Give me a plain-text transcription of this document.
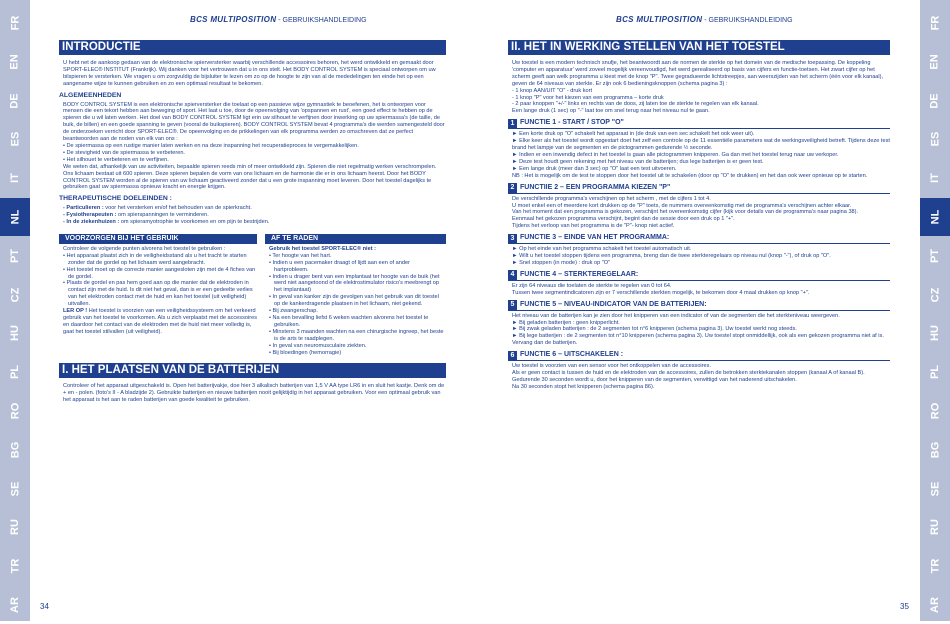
FR
EN
DE
ES
IT
NL
PT
CZ
HU
PL
RO
BG
SE
RU
TR
AR
FR
EN
DE
ES
IT
NL
PT
CZ
HU
PL
RO
BG
SE
RU
TR
AR
BCS MULTIPOSITION - GEBRUIKSHANDLEIDING	BCS MULTIPOSITION - GEBRUIKSHANDLEIDING
INTRODUCTIE
U hebt net de aankoop gedaan van de elektronische spierversterker waarbij verschillende accessoires behoren, het werd ontwikkeld en gemaakt door SPORT-ELEC® INSTITUT (Frankrijk). Wij danken voor het vertrouwen dat u in ons stelt. Het BODY CONTROL SYSTEM is speciaal ontworpen om uw bilspieren te versterken. We vragen u om zorgvuldig de bijsluiter te lezen om zo op de hoogte te zijn van al de mededelingen ten einde het op een aangename wijze te kunnen gebruiken en zo een optimaal resultaat te bekomen.
ALGEMEENHEDEN
BODY CONTROL SYSTEM is een elektronische spierversterker die toelaat op een passieve wijze gymnastiek te beoefenen, het is ontworpen voor mensen die een tekort hebben aan beweging of sport. Het laat u toe, door de opeenvolging van 'opspannen en rust', een goed effect te hebben op de spieren die u wil laten werken. Het doel van BODY CONTROL SYSTEM ligt erin uw silhouet te verfijnen door inwerking op uw spiermassa's (de taille, de buik, de billen) en een goede spanning te geven (vooral de buikspieren). BODY CONTROL SYSTEM bevat 4 programma's die werden samengesteld door de onderzoeken verricht door SPORT-ELEC®. De opeenvolging en de prikkelingen van elk programma werden zo omschreven dat ze perfect beantwoorden aan de noden van elk van ons :
• De spiermassa op een rustige manier laten werken en na deze inspanning het recuperatieproces te vergemakkelijken.
• De stevigheid van de spiermassa te verbeteren.
• Het silhouet te verbeteren en te verfijnen.
We weten dat, afhankelijk van uw activiteiten, bepaalde spieren reeds min of meer ontwikkeld zijn. Spieren die niet regelmatig werken verschrompelen. Ons lichaam bestaat uit 600 spieren. Deze spieren bepalen de vorm van ons lichaam en de harmonie die er in ons lichaam heerst. Door het BODY CONTROL SYSTEM worden al de spieren van uw lichaam geactiveerd zonder dat u een grote inspanning moet leveren. Door het toestel dagelijks te gebruiken gaat uw spiermassa opnieuw kracht en energie krijgen.
THERAPEUTISCHE DOELEINDEN :
- Particulieren : voor het versterken en/of het behouden van de spierkracht.
- Fysiotherapeuten : om spierspanningen te verminderen.
- In de ziekenhuizen : om spieramyotrophie te voorkomen en om pijn te bestrijden.
VOORZORGEN BIJ HET GEBRUIK
Controleer de volgende punten alvorens het toestel te gebruiken :
• Het apparaat plaatst zich in de veiligheidsstand als u het tracht te starten zonder dat de gordel op het lichaam werd aangebracht.
• Het toestel moet op de correcte manier aangesloten zijn met de 4 fiches van de gordel.
• Plaats de gordel en pas hem goed aan op die manier dat de elektroden in contact zijn met de huid. Is dit niet het geval, dan is er een gedeelte verlies van het elektroden contact met de huid en kan het toestel (uit veiligheid) uitvallen.
LER OP ! Het toestel is voorzien van een veiligheidssysteem om het verkeerd gebruik van het toestel te voorkomen. Als u zich verplaatst met de accessoires en daardoor het contact van de elektroden met de huid niet meer volledig is, gaat het toestel stilvallen (uit veiligheid).
AF TE RADEN
Gebruik het toestel SPORT-ELEC® niet :
• Ter hoogte van het hart.
• Indien u een pacemaker draagt of lijdt aan een of ander hartprobleem.
• Indien u drager bent van een implantaat ter hoogte van de buik (het werd niet aangetoond of de elektrostimulator risico's meebrengt op het implantaat)
• In geval van kanker zijn de gevolgen van het gebruik van dit toestel op de kankerdragende plaatsen in het lichaam, niet gekend.
• Bij zwangerschap.
• Na een bevalling liefst 6 weken wachten alvorens het toestel te gebruiken.
• Minstens 3 maanden wachten na een chirurgische ingreep, het beste is de arts te raadplegen.
• In geval van neuromusculaire ziekten.
• Bij bloedingen (hemorragie)
I. HET PLAATSEN VAN DE BATTERIJEN
Controleer of het apparaat uitgeschakeld is. Open het batterijvakje, doe hier 3 alkalisch batterijen van 1,5 V AA type LR6 in en sluit het kastje. Denk om de + en - polen. (foto's II - A bladzijde 2). Gebruikte batterijen en nieuwe batterijen nooit gelijktijdig in het apparaat gebruiken. Voor een optimaal gebruik van het apparaat is het aan te raden batterijen van goede kwaliteit te gebruiken.
34
II. HET IN WERKING STELLEN VAN HET TOESTEL
Uw toestel is een modern technisch snufje, het beantwoordt aan de normen de sterkte op het domein van de medische toepassing. De koppeling 'computer en apparatuur' werd zoveel mogelijk vereenvoudigd, het werd gerealiseerd op basis van cijfers en functie-toetsen. Het zwart cijfer op het scherm geeft aan welk programma u kiest met de knop "P". Twee gegradueerde lichtstreepjes, aan weerszijden van het scherm (één voor elk kanaal), geven de 64 niveaus van sterkte. Er zijn ook 6 bedieningsknoppen (schema pagina 3) :
- 1 knop AAN/UIT "O" - druk kort
- 1 knop "P" voor het kiezen van een programma – korte druk
- 2 paar knoppen "+/-" links en rechts van de doos, zij laten toe de sterkte te regelen van elk kanaal.
Een lange druk (1 sec) op "-" laat toe om snel terug naar het niveau nul te gaan.
1 FUNCTIE 1 - START / STOP "O"
► Een korte druk op "O" schakelt het apparaat in (de druk van een sec schakelt het ook weer uit).
► Elke keer als het toestel wordt opgestart doet het zelf een controle op de 11 essentiële parameters wat de werkingsveiligheid betreft. Tijdens deze test brand het lampje van de segmenten en de pictogrammen gedurende ½ seconde.
► Indien er een inwendig defect in het toestel is gaan alle pictogrammen knipperen. Ga dan met het toestel terug naar uw verkoper.
► Deze test houdt geen rekening met het niveau van de batterijen; dus lege batterijen is er geen test.
► Een lange druk (meer dan 3 sec) op "O" laat een test uitvoeren.
NB : Het is mogelijk om de test te stoppen door het toestel uit te schakelen (door op "O" te drukken) en het dan ook weer opnieuw op te starten.
2 FUNCTIIE 2 – EEN PROGRAMMA KIEZEN "P"
De verschillende programma's verschijnen op het scherm , met de cijfers 1 tot 4.
U moet enkel een of meerdere kort drukken op de "P" toets, de nummers overeenkomstig met de programma's verschijnen achter elkaar.
Van het moment dat een programma is gekozen, verschijnt het overeenkomstig cijfer (kijk voor details van de programma's naar pagina 38).
Eenmaal het gekozen programma verschijnt, begint dan de sessie door een druk op 1 "+".
Tijdens het verloop van het programma is de "P"- knop niet actief.
3 FUNCTIE 3 – EINDE VAN HET PROGRAMMA:
► Op het einde van het programma schakelt het toestel automatisch uit.
► Wilt u het toestel stoppen tijdens een programma, breng dan de twee sterkteregelaars op niveau nul (knop "-"), of druk op "O".
► Snel stoppen (in mode) : druk op "O"
4 FUNCTIE 4 – STERKTEREGELAAR:
Er zijn 64 niveaus die toelaten de sterkte te regelen van 0 tot 64.
Tussen twee segmentindicatoren zijn er 7 verschillende sterkten mogelijk, te bekomen door 4 maal drukken op knop "+".
5 FUNCTIE 5 – NIVEAU-INDICATOR VAN DE BATTERIJEN:
Het niveau van de batterijen kan je zien door het knipperen van een indicator of van de segmenten die het sterkteniveau weergeven.
► Bij geladen batterijen : geen knipperlicht.
► Bij zwak geladen batterijen : de 2 segmenten tot n°6 knipperen (schema pagina 3). Uw toestel werkt nog steeds.
► Bij lege batterijen : de 2 segmenten tot n°10 knipperen (schema pagina 3). Uw toestel stopt onmiddellijk, ook als een gekozen programma niet af is. Vervang dan de batterijen.
6 FUNCTIE 6 – UITSCHAKELEN :
Uw toestel is voorzien van een sensor voor het ontkoppelen van de accessoires.
Als er geen contact is tussen de huid en de elektroden van de accessoires, zullen de betrokken sterktekanalen stoppen (kanaal A of kanaal B).
Gedurende 30 seconden wordt u, door het knipperen van de segmenten, verwittigd van het naderend uitschakelen.
Na 30 seconden stopt het knipperen (schema pagina 86).
35
